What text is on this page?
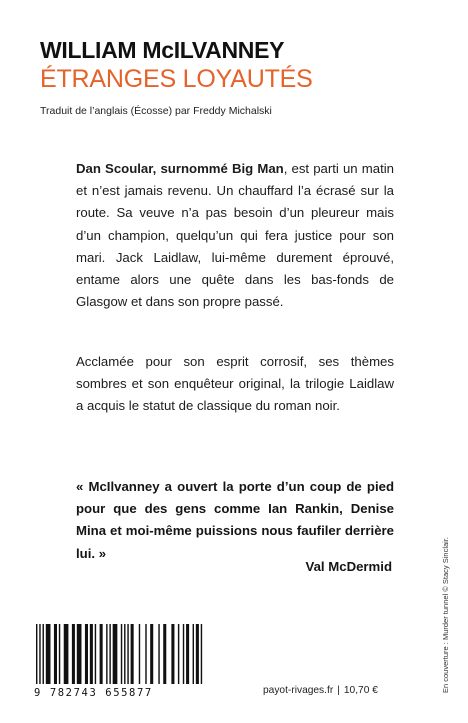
WILLIAM McILVANNEY
ÉTRANGES LOYAUTÉS
Traduit de l’anglais (Écosse) par Freddy Michalski
Dan Scoular, surnommé Big Man, est parti un matin et n’est jamais revenu. Un chauffard l’a écrasé sur la route. Sa veuve n’a pas besoin d’un pleureur mais d’un champion, quelqu’un qui fera justice pour son mari. Jack Laidlaw, lui-même durement éprouvé, entame alors une quête dans les bas-fonds de Glasgow et dans son propre passé.
Acclamée pour son esprit corrosif, ses thèmes sombres et son enquêteur original, la trilogie Laidlaw a acquis le statut de classique du roman noir.
« McIlvanney a ouvert la porte d’un coup de pied pour que des gens comme Ian Rankin, Denise Mina et moi-même puissions nous faufiler derrière lui. »
Val McDermid	En couverture : Murder tunnel © Stacy Sinclair.
9 782743 655877	payot-rivages.fr | 10,70 €
